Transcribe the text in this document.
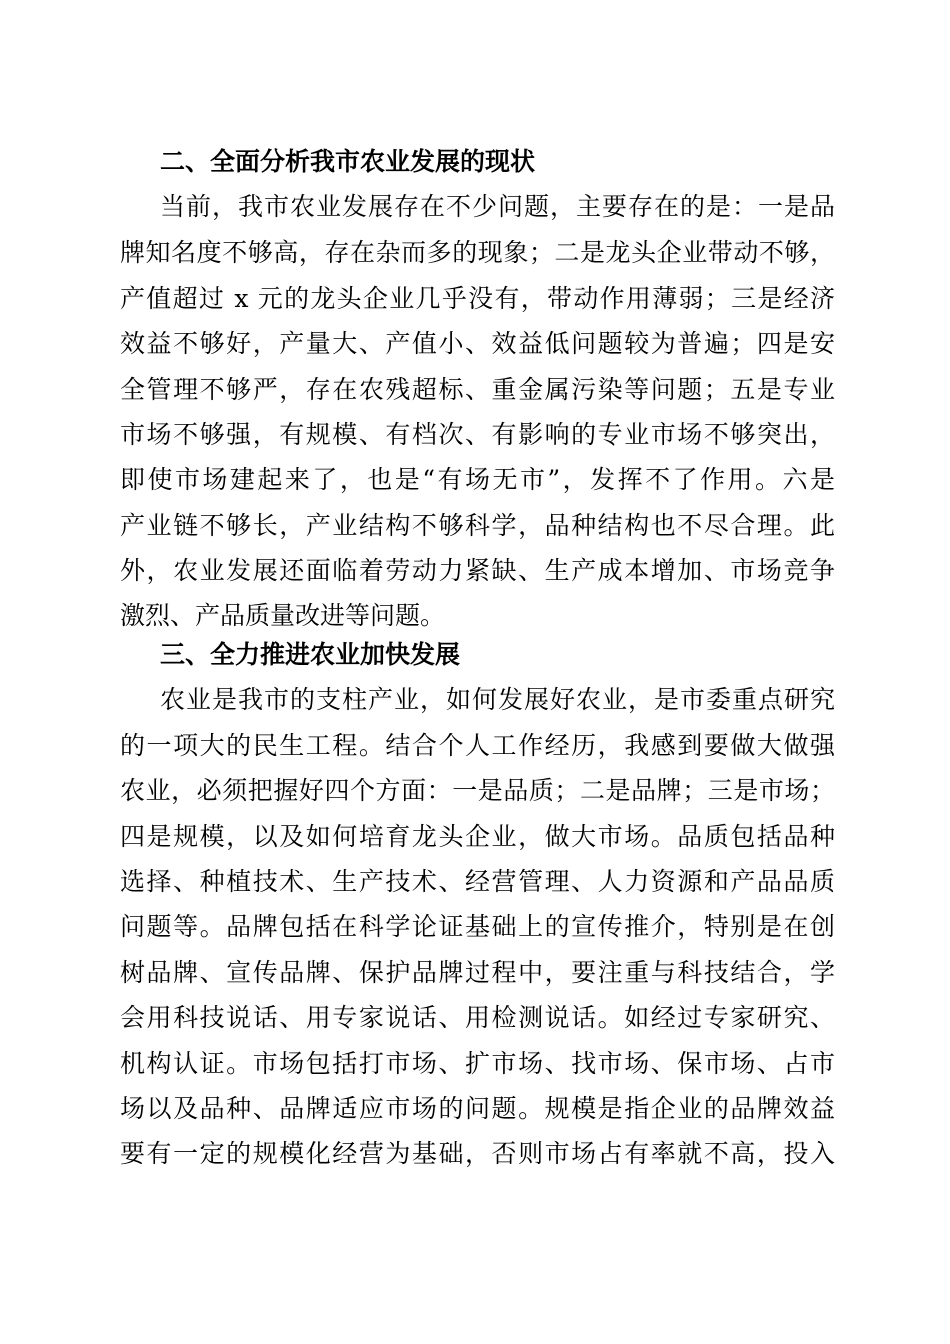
二、全面分析我市农业发展的现状

当前，我市农业发展存在不少问题，主要存在的是：一是品

牌知名度不够高，存在杂而多的现象；二是龙头企业带动不够，

产值超过 x 元的龙头企业几乎没有，带动作用薄弱；三是经济

效益不够好，产量大、产值小、效益低问题较为普遍；四是安

全管理不够严，存在农残超标、重金属污染等问题；五是专业

市场不够强，有规模、有档次、有影响的专业市场不够突出，

即使市场建起来了，也是“有场无市”，发挥不了作用。六是

产业链不够长，产业结构不够科学，品种结构也不尽合理。此

外，农业发展还面临着劳动力紧缺、生产成本增加、市场竞争

激烈、产品质量改进等问题。

三、全力推进农业加快发展

农业是我市的支柱产业，如何发展好农业，是市委重点研究

的一项大的民生工程。结合个人工作经历，我感到要做大做强

农业，必须把握好四个方面：一是品质；二是品牌；三是市场；

四是规模，以及如何培育龙头企业，做大市场。品质包括品种

选择、种植技术、生产技术、经营管理、人力资源和产品品质

问题等。品牌包括在科学论证基础上的宣传推介，特别是在创

树品牌、宣传品牌、保护品牌过程中，要注重与科技结合，学

会用科技说话、用专家说话、用检测说话。如经过专家研究、

机构认证。市场包括打市场、扩市场、找市场、保市场、占市

场以及品种、品牌适应市场的问题。规模是指企业的品牌效益

要有一定的规模化经营为基础，否则市场占有率就不高，投入
